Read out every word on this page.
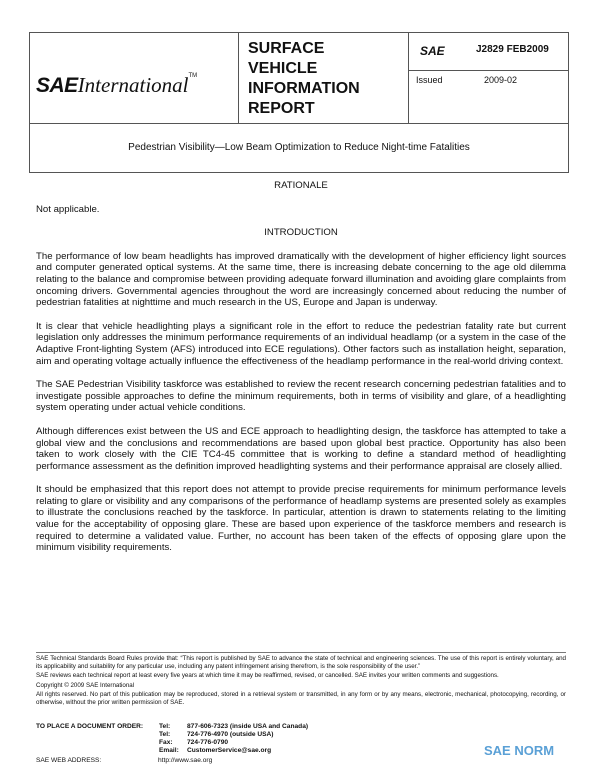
SAEInternational™
SURFACE
VEHICLE
INFORMATION
REPORT
SAE	J2829 FEB2009
Issued	2009-02
Pedestrian Visibility—Low Beam Optimization to Reduce Night-time Fatalities

RATIONALE

Not applicable.

INTRODUCTION

The performance of low beam headlights has improved dramatically with the development of higher efficiency light sources and computer generated optical systems. At the same time, there is increasing debate concerning to the age old dilemma relating to the balance and compromise between providing adequate forward illumination and avoiding glare complaints from oncoming drivers. Governmental agencies throughout the word are increasingly concerned about reducing the number of pedestrian fatalities at nighttime and much research in the US, Europe and Japan is underway.

It is clear that vehicle headlighting plays a significant role in the effort to reduce the pedestrian fatality rate but current legislation only addresses the minimum performance requirements of an individual headlamp (or a system in the case of the Adaptive Front-lighting System (AFS) introduced into ECE regulations). Other factors such as installation height, separation, aim and operating voltage actually influence the effectiveness of the headlamp performance in the real-world driving context.

The SAE Pedestrian Visibility taskforce was established to review the recent research concerning pedestrian fatalities and to investigate possible approaches to define the minimum requirements, both in terms of visibility and glare, of a headlighting system operating under actual vehicle conditions.

Although differences exist between the US and ECE approach to headlighting design, the taskforce has attempted to take a global view and the conclusions and recommendations are based upon global best practice. Opportunity has also been taken to work closely with the CIE TC4-45 committee that is working to define a standard method of headlighting performance assessment as the definition improved headlighting systems and their performance appraisal are closely allied.

It should be emphasized that this report does not attempt to provide precise requirements for minimum performance levels relating to glare or visibility and any comparisons of the performance of headlamp systems are presented solely as examples to illustrate the conclusions reached by the taskforce. In particular, attention is drawn to statements relating to the limiting value for the acceptability of opposing glare. These are based upon experience of the taskforce members and research is required to determine a validated value. Further, no account has been taken of the effects of opposing glare upon the minimum visibility requirements.

SAE Technical Standards Board Rules provide that: “This report is published by SAE to advance the state of technical and engineering sciences. The use of this report is entirely voluntary, and its applicability and suitability for any particular use, including any patent infringement arising therefrom, is the sole responsibility of the user.”

SAE reviews each technical report at least every five years at which time it may be reaffirmed, revised, or cancelled. SAE invites your written comments and suggestions.

Copyright © 2009 SAE International

All rights reserved. No part of this publication may be reproduced, stored in a retrieval system or transmitted, in any form or by any means, electronic, mechanical, photocopying, recording, or otherwise, without the prior written permission of SAE.

TO PLACE A DOCUMENT ORDER: Tel:	877-606-7323 (inside USA and Canada)
Tel:	724-776-4970 (outside USA)
Fax: 724-776-0790
Email: CustomerService@sae.org
SAE WEB ADDRESS:	http://www.sae.org
SAE NORM
